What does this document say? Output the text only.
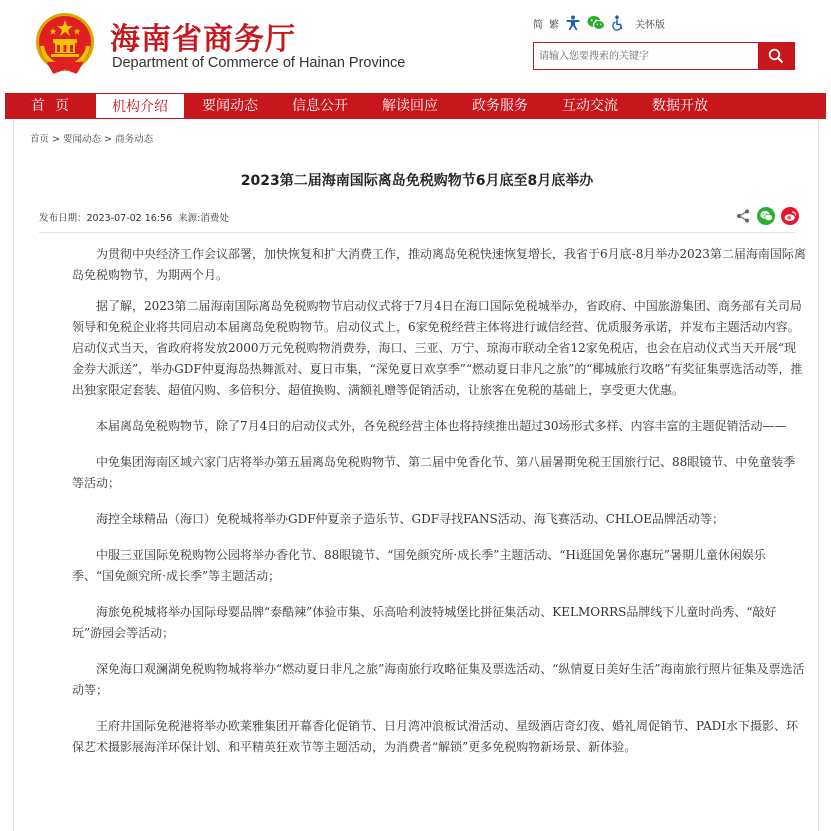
海南省商务厅
Department of Commerce of Hainan Province
简 繁	关怀版
请输入您要搜索的关键字
首页	机构介绍	要闻动态	信息公开	解读回应	政务服务	互动交流	数据开放
首页 > 要闻动态 > 商务动态
2023第二届海南国际离岛免税购物节6月底至8月底举办
发布日期：2023-07-02 16:56 来源:消费处

为贯彻中央经济工作会议部署，加快恢复和扩大消费工作，推动离岛免税快速恢复增长，我省于6月底-8月举办2023第二届海南国际离岛免税购物节，为期两个月。

据了解，2023第二届海南国际离岛免税购物节启动仪式将于7月4日在海口国际免税城举办，省政府、中国旅游集团、商务部有关司局领导和免税企业将共同启动本届离岛免税购物节。启动仪式上，6家免税经营主体将进行诚信经营、优质服务承诺，并发布主题活动内容。启动仪式当天，省政府将发放2000万元免税购物消费券，海口、三亚、万宁、琼海市联动全省12家免税店，也会在启动仪式当天开展“现金券大派送”，举办GDF仲夏海岛热舞派对、夏日市集，“深免夏日欢享季”“燃动夏日非凡之旅”的“椰城旅行攻略”有奖征集票选活动等，推出独家限定套装、超值闪购、多倍积分、超值换购、满额礼赠等促销活动，让旅客在免税的基础上，享受更大优惠。

本届离岛免税购物节，除了7月4日的启动仪式外，各免税经营主体也将持续推出超过30场形式多样、内容丰富的主题促销活动——

中免集团海南区域六家门店将举办第五届离岛免税购物节、第二届中免香化节、第八届暑期免税王国旅行记、88眼镜节、中免童装季等活动；

海控全球精品（海口）免税城将举办GDF仲夏亲子造乐节、GDF寻找FANS活动、海飞赛活动、CHLOE品牌活动等；

中服三亚国际免税购物公园将举办香化节、88眼镜节、“国免颜究所·成长季”主题活动、“Hi逛国免暑你惠玩”暑期儿童休闲娱乐季、“国免颜究所·成长季”等主题活动；

海旅免税城将举办国际母婴品牌“泰酷辣”体验市集、乐高哈利波特城堡比拼征集活动、KELMORRS品牌线下儿童时尚秀、“敲好玩”游园会等活动；

深免海口观澜湖免税购物城将举办“燃动夏日非凡之旅”海南旅行攻略征集及票选活动、“纵情夏日美好生活”海南旅行照片征集及票选活动等；

王府井国际免税港将举办欧莱雅集团开幕香化促销节、日月湾冲浪板试滑活动、星级酒店奇幻夜、婚礼周促销节、PADI水下摄影、环保艺术摄影展海洋环保计划、和平精英狂欢节等主题活动，为消费者“解锁”更多免税购物新场景、新体验。
